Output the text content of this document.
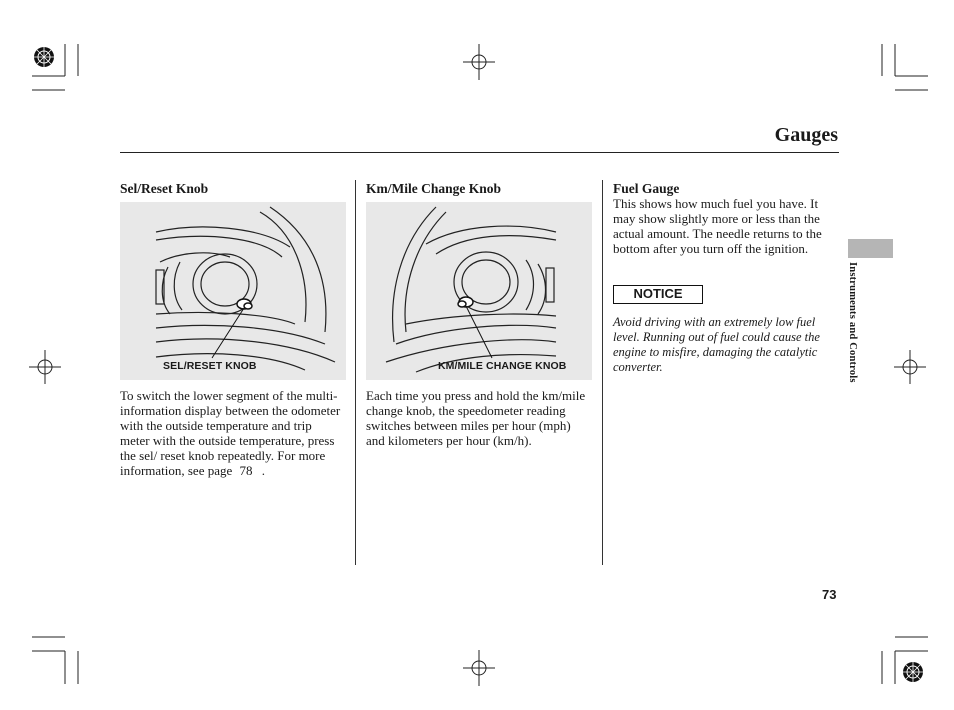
Gauges
Instruments and Controls
Sel/Reset Knob
SEL/RESET KNOB
To switch the lower segment of the multi-information display between the odometer with the outside temperature and trip meter with the outside temperature, press the sel/ reset knob repeatedly. For more information, see page 78 .
Km/Mile Change Knob
KM/MILE CHANGE KNOB
Each time you press and hold the km/mile change knob, the speedometer reading switches between miles per hour (mph) and kilometers per hour (km/h).
Fuel Gauge
This shows how much fuel you have. It may show slightly more or less than the actual amount. The needle returns to the bottom after you turn off the ignition.
NOTICE
Avoid driving with an extremely low fuel level. Running out of fuel could cause the engine to misfire, damaging the catalytic converter.
73
